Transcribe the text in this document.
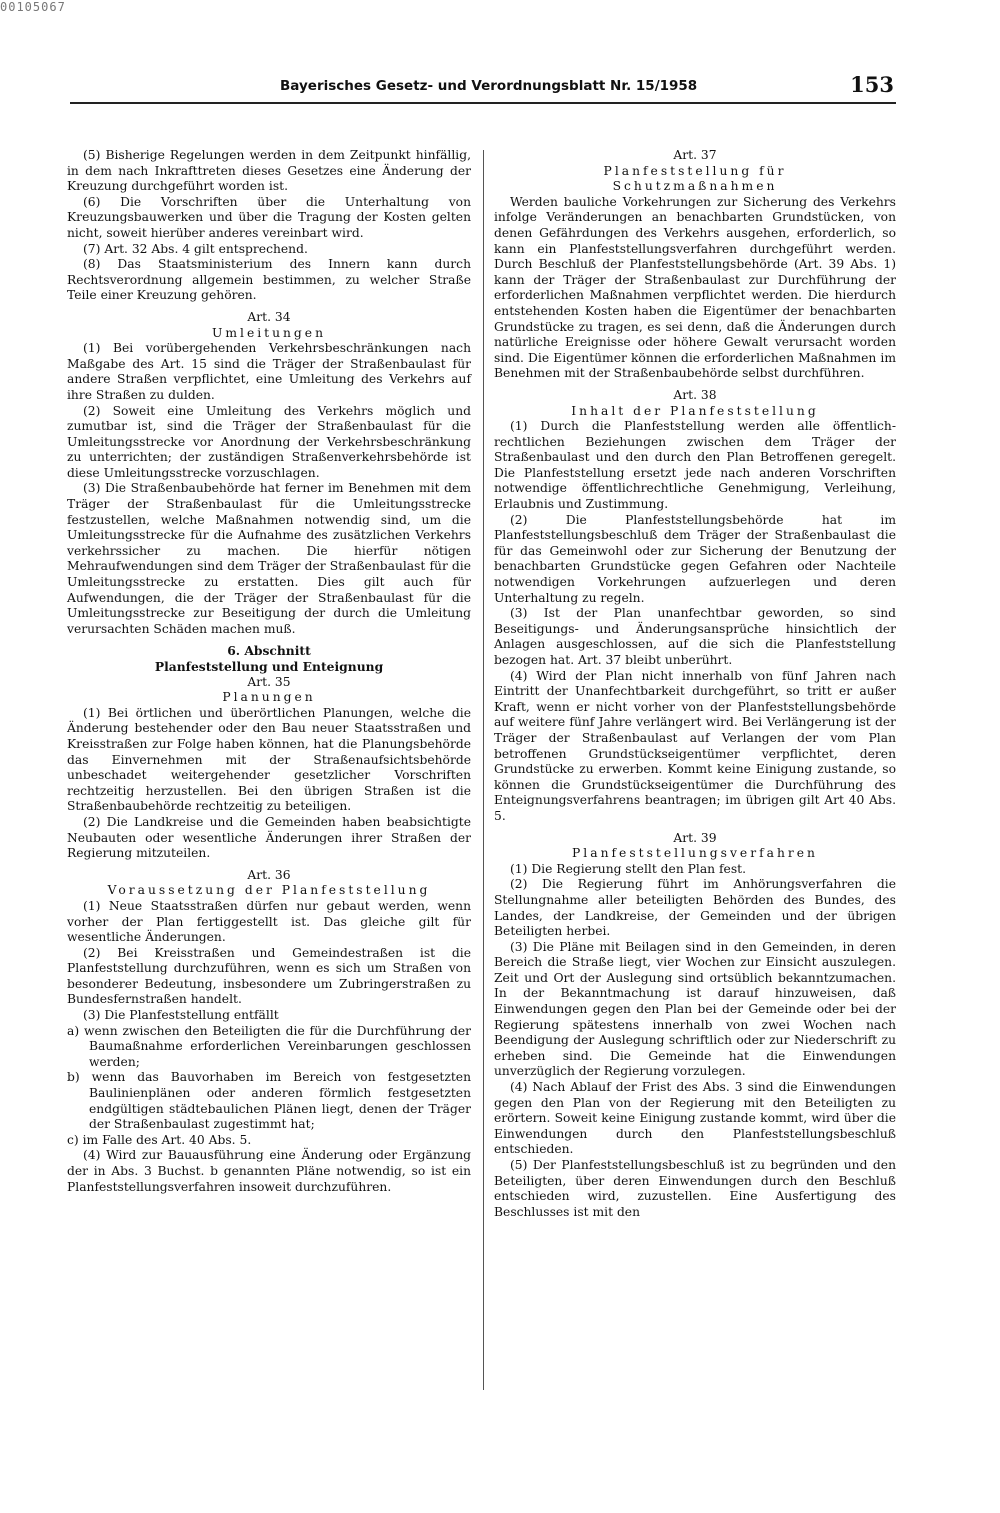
00105067
Bayerisches Gesetz- und Verordnungsblatt Nr. 15/1958	153

(5) Bisherige Regelungen werden in dem Zeitpunkt hinfällig, in dem nach Inkrafttreten dieses Gesetzes eine Änderung der Kreuzung durchgeführt worden ist.

(6) Die Vorschriften über die Unterhaltung von Kreuzungsbauwerken und über die Tragung der Kosten gelten nicht, soweit hierüber anderes vereinbart wird.

(7) Art. 32 Abs. 4 gilt entsprechend.

(8) Das Staatsministerium des Innern kann durch Rechtsverordnung allgemein bestimmen, zu welcher Straße Teile einer Kreuzung gehören.

Art. 34
Umleitungen

(1) Bei vorübergehenden Verkehrsbeschränkungen nach Maßgabe des Art. 15 sind die Träger der Straßenbaulast für andere Straßen verpflichtet, eine Umleitung des Verkehrs auf ihre Straßen zu dulden.

(2) Soweit eine Umleitung des Verkehrs möglich und zumutbar ist, sind die Träger der Straßenbaulast für die Umleitungsstrecke vor Anordnung der Verkehrsbeschränkung zu unterrichten; der zuständigen Straßenverkehrsbehörde ist diese Umleitungsstrecke vorzuschlagen.

(3) Die Straßenbaubehörde hat ferner im Benehmen mit dem Träger der Straßenbaulast für die Umleitungsstrecke festzustellen, welche Maßnahmen notwendig sind, um die Umleitungsstrecke für die Aufnahme des zusätzlichen Verkehrs verkehrssicher zu machen. Die hierfür nötigen Mehraufwendungen sind dem Träger der Straßenbaulast für die Umleitungsstrecke zu erstatten. Dies gilt auch für Aufwendungen, die der Träger der Straßenbaulast für die Umleitungsstrecke zur Beseitigung der durch die Umleitung verursachten Schäden machen muß.

6. Abschnitt
Planfeststellung und Enteignung
Art. 35
Planungen

(1) Bei örtlichen und überörtlichen Planungen, welche die Änderung bestehender oder den Bau neuer Staatsstraßen und Kreisstraßen zur Folge haben können, hat die Planungsbehörde das Einvernehmen mit der Straßenaufsichtsbehörde unbeschadet weitergehender gesetzlicher Vorschriften rechtzeitig herzustellen. Bei den übrigen Straßen ist die Straßenbaubehörde rechtzeitig zu beteiligen.

(2) Die Landkreise und die Gemeinden haben beabsichtigte Neubauten oder wesentliche Änderungen ihrer Straßen der Regierung mitzuteilen.

Art. 36
Voraussetzung der Planfeststellung

(1) Neue Staatsstraßen dürfen nur gebaut werden, wenn vorher der Plan fertiggestellt ist. Das gleiche gilt für wesentliche Änderungen.

(2) Bei Kreisstraßen und Gemeindestraßen ist die Planfeststellung durchzuführen, wenn es sich um Straßen von besonderer Bedeutung, insbesondere um Zubringerstraßen zu Bundesfernstraßen handelt.

(3) Die Planfeststellung entfällt

a) wenn zwischen den Beteiligten die für die Durchführung der Baumaßnahme erforderlichen Vereinbarungen geschlossen werden;

b) wenn das Bauvorhaben im Bereich von festgesetzten Baulinienplänen oder anderen förmlich festgesetzten endgültigen städtebaulichen Plänen liegt, denen der Träger der Straßenbaulast zugestimmt hat;

c) im Falle des Art. 40 Abs. 5.

(4) Wird zur Bauausführung eine Änderung oder Ergänzung der in Abs. 3 Buchst. b genannten Pläne notwendig, so ist ein Planfeststellungsverfahren insoweit durchzuführen.

Art. 37
Planfeststellung für
Schutzmaßnahmen

Werden bauliche Vorkehrungen zur Sicherung des Verkehrs infolge Veränderungen an benachbarten Grundstücken, von denen Gefährdungen des Verkehrs ausgehen, erforderlich, so kann ein Planfeststellungsverfahren durchgeführt werden. Durch Beschluß der Planfeststellungsbehörde (Art. 39 Abs. 1) kann der Träger der Straßenbaulast zur Durchführung der erforderlichen Maßnahmen verpflichtet werden. Die hierdurch entstehenden Kosten haben die Eigentümer der benachbarten Grundstücke zu tragen, es sei denn, daß die Änderungen durch natürliche Ereignisse oder höhere Gewalt verursacht worden sind. Die Eigentümer können die erforderlichen Maßnahmen im Benehmen mit der Straßenbaubehörde selbst durchführen.

Art. 38
Inhalt der Planfeststellung

(1) Durch die Planfeststellung werden alle öffentlich-rechtlichen Beziehungen zwischen dem Träger der Straßenbaulast und den durch den Plan Betroffenen geregelt. Die Planfeststellung ersetzt jede nach anderen Vorschriften notwendige öffentlichrechtliche Genehmigung, Verleihung, Erlaubnis und Zustimmung.

(2) Die Planfeststellungsbehörde hat im Planfeststellungsbeschluß dem Träger der Straßenbaulast die für das Gemeinwohl oder zur Sicherung der Benutzung der benachbarten Grundstücke gegen Gefahren oder Nachteile notwendigen Vorkehrungen aufzuerlegen und deren Unterhaltung zu regeln.

(3) Ist der Plan unanfechtbar geworden, so sind Beseitigungs- und Änderungsansprüche hinsichtlich der Anlagen ausgeschlossen, auf die sich die Planfeststellung bezogen hat. Art. 37 bleibt unberührt.

(4) Wird der Plan nicht innerhalb von fünf Jahren nach Eintritt der Unanfechtbarkeit durchgeführt, so tritt er außer Kraft, wenn er nicht vorher von der Planfeststellungsbehörde auf weitere fünf Jahre verlängert wird. Bei Verlängerung ist der Träger der Straßenbaulast auf Verlangen der vom Plan betroffenen Grundstückseigentümer verpflichtet, deren Grundstücke zu erwerben. Kommt keine Einigung zustande, so können die Grundstückseigentümer die Durchführung des Enteignungsverfahrens beantragen; im übrigen gilt Art 40 Abs. 5.

Art. 39
Planfeststellungsverfahren

(1) Die Regierung stellt den Plan fest.

(2) Die Regierung führt im Anhörungsverfahren die Stellungnahme aller beteiligten Behörden des Bundes, des Landes, der Landkreise, der Gemeinden und der übrigen Beteiligten herbei.

(3) Die Pläne mit Beilagen sind in den Gemeinden, in deren Bereich die Straße liegt, vier Wochen zur Einsicht auszulegen. Zeit und Ort der Auslegung sind ortsüblich bekanntzumachen. In der Bekanntmachung ist darauf hinzuweisen, daß Einwendungen gegen den Plan bei der Gemeinde oder bei der Regierung spätestens innerhalb von zwei Wochen nach Beendigung der Auslegung schriftlich oder zur Niederschrift zu erheben sind. Die Gemeinde hat die Einwendungen unverzüglich der Regierung vorzulegen.

(4) Nach Ablauf der Frist des Abs. 3 sind die Einwendungen gegen den Plan von der Regierung mit den Beteiligten zu erörtern. Soweit keine Einigung zustande kommt, wird über die Einwendungen durch den Planfeststellungsbeschluß entschieden.

(5) Der Planfeststellungsbeschluß ist zu begründen und den Beteiligten, über deren Einwendungen durch den Beschluß entschieden wird, zuzustellen. Eine Ausfertigung des Beschlusses ist mit den
